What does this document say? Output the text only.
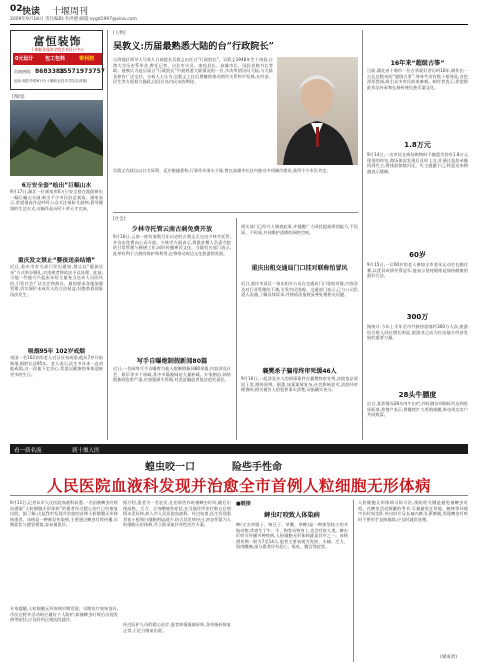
02 快读 十堰周刊
2009年9月18日 责任编辑:李洪德 邮箱:sygd1997@sina.com
富恒装饰
十堰职业技术学院艺术设计中心
0元设计 包工包料	零利润
咨询热线: 8683383
15571973757
地址:朝阳中路81号(十堰职业技术学院实训楼)
[图闻]
6万安全套“绘出”巨幅山水
9月17日,湖北一位画家用6万只安全套在地面拼出一幅巨幅山水画,吸引不少市民驻足观看。画家表示,希望借此作品呼吁公众关注预防艾滋病,倡导健康的生活方式,这幅作品历时十余天才完成。
重庆发文禁止“婴孩送亲结婚”
近日,重庆市有关部门发出通知,禁止以“婴孩送亲”方式举办婚礼,对违规者将依法予以处理。此前,当地一些地方兴起由年幼儿童充当送亲人员的风俗,引发社会广泛关注和热议。通知要求各地加强管理,切实保护未成年人的合法权益,杜绝类似现象再次发生。
吸烟95年 102岁戒烟
英国一名102岁的老人近日宣布戒烟,他从7岁开始吸烟,烟龄长达95年。老人表示,医生多年来一直劝他戒烟,这一次他下定决心,希望以健康的身体迎接更多的生日。
[人物]
吴敦义:历届最熟悉大陆的台“行政院长”
台湾地区领导人马英九日前提名吴敦义出任台“行政院长”。吴敦义1948年生于南投,台湾大学历史系毕业,曾任记者、台北市议员、南投县长、高雄市长、国民党秘书长等职。他被认为是历届台“行政院长”中最熟悉大陆情况的一位,多次率团访问大陆,与大陆各界有广泛交往。分析人士认为,吴敦义上任后将继续推动两岸关系和平发展,在经济、民生等方面着力施政,以回应岛内民众的期待。
吴敦义在政坛以口才犀利、反应敏捷著称,行事作风务实干练,曾在高雄市长任内推动多项城市建设,获得不少市民肯定。
[社会]
少林寺托管云南古刹免费开放
9月16日,云南一座有着数百年历史的古刹正式交由少林寺托管,并宣布免费向公众开放。少林寺方面表示,将派驻僧人负责寺院的日常管理与修缮工作,同时传播禅武文化。当地有关部门表示,此举有利于古刹的保护和利用,也将带动周边文化旅游的发展。
写手自曝炮制假新闻80篇
近日,一名网络写手自曝曾为他人炮制假新闻80余篇,内容涉及社会、娱乐等多个领域,其中多篇被网站大量转载。专家指出,网络假新闻危害严重,应加强源头管理,对恶意编造者依法追究责任。
相关部门已经介入调查此事,并提醒广大网民提高辨别能力,不信谣、不传谣,共同维护清朗的网络空间。
重庆出租交通局门口挂对联称怕冒风
近日,重庆市某区一家出租车公司在交通局门口张贴对联,内容涉及对行业管理的不满,引发市民围观。交通部门表示,已与公司负责人沟通,了解具体诉求,并将依法依规妥善处理相关问题。
襄樊杀子骗母终审死缓46人
9月16日,一起涉及多人的刑事案件在襄樊终审宣判,法院依法驳回上诉,维持原判。据悉,该案案情复杂,社会影响恶劣,法院经审理查明,相关被告人的犯罪事实清楚,证据确实充分。
16年来“超级古筝”
日前,湖北省十堰市一位古筝爱好者历时16年,制作出一台长达数米的“超级古筝”,琴身共设有数十根琴弦,音色浑厚悠扬,吸引众多市民前来参观。制作者表示,希望借此作品传承和弘扬传统民族乐器文化。
1.8万元
9月14日,一名市民在商场购物时不慎遗失装有1.8万元现金的挎包,商场保安发现后及时上交,并通过监控录像找到失主,将钱款如数归还。失主感激不已,特意送来锦旗表示感谢。
60岁
9月15日,一位60岁的老人参加全市老年运动会长跑比赛,以优异成绩夺得冠军,他表示坚持锻炼是保持健康的最好方法。
300万
据统计,今年上半年全市共接待游客约300万人次,旅游综合收入同比增长明显,旅游业已成为拉动地方经济发展的重要力量。
28头牛膘度
近日,某养殖场28头肉牛出栏,经检测各项指标均达到优质标准,养殖户表示,将继续扩大养殖规模,带动周边农户共同致富。
看一质名流	到十堰人医
蝗虫咬一口	险些手性命
人民医院血液科发现并治愈全市首例人粒细胞无形体病
9月11日,记者从市人民医院血液科获悉,一名因被蜱虫叮咬而感染“人粒细胞无形体病”的患者经过精心治疗已经康复出院。据了解,这是我市发现并治愈的首例人粒细胞无形体病患者。该病是一种新发传染病,主要通过蜱虫叮咬传播,早期症状与感冒相似,容易被误诊。
专家提醒,人粒细胞无形体病早期发现、早期治疗效果良好,市民在野外活动时应做好个人防护,如被蜱虫叮咬后出现发热等症状,应及时到正规医院就诊。
据介绍,患者为一名农民,在田间劳作时被蜱虫叮咬,随后出现高热、乏力、全身酸痛等症状,在当地诊所治疗数日后病情未见好转,转入市人民医院血液科。经过检查,医生发现患者血小板和白细胞明显减少,结合其发病经过,初步怀疑为人粒细胞无形体病,并立即采取针对性治疗方案。
经过医护人员的精心治疗,患者病情逐渐好转,各项指标恢复正常,于近日康复出院。
■链接
蜱虫叮咬致人体染病
蜱(又名草爬子、狗豆子、草鳖、草蜱)是一种体型较小的节肢动物,常寄生于牛、羊、狗等动物身上,也会叮咬人类。蜱虫叮咬可传播多种疾病,人粒细胞无形体病就是其中之一。该病潜伏期一般为7至14天,患者主要表现为发热、头痛、乏力、肌肉酸痛,部分患者伴有恶心、呕吐、腹泻等症状。
人粒细胞无形体病可防可治,预防的关键是避免被蜱虫叮咬。在蜱虫活动频繁的季节,尽量避免在草地、树林等环境中长时间坐卧,外出时应穿长袖衣裤,扎紧裤腿,发现蜱虫叮咬时不要用手直接拔除,应及时就医处理。
(梁成勇)
